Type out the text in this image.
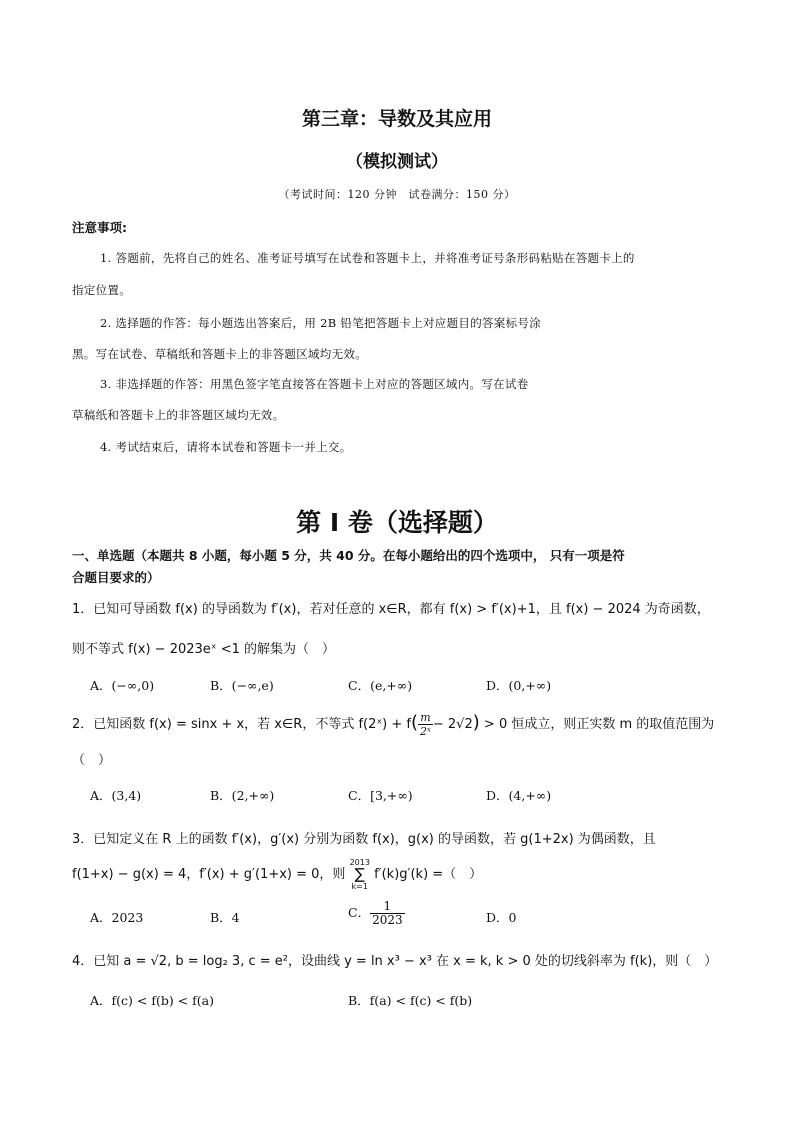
第三章：导数及其应用
（模拟测试）
（考试时间：120 分钟　试卷满分：150 分）
注意事项:
1. 答题前，先将自己的姓名、准考证号填写在试卷和答题卡上，并将准考证号条形码粘贴在答题卡上的
指定位置。
2. 选择题的作答：每小题选出答案后，用 2B 铅笔把答题卡上对应题目的答案标号涂
黑。写在试卷、草稿纸和答题卡上的非答题区域均无效。
3. 非选择题的作答：用黑色签字笔直接答在答题卡上对应的答题区域内。写在试卷
草稿纸和答题卡上的非答题区域均无效。
4. 考试结束后，请将本试卷和答题卡一并上交。
第 I 卷（选择题）
一、单选题（本题共 8 小题，每小题 5 分，共 40 分。在每小题给出的四个选项中， 只有一项是符
合题目要求的）
1．已知可导函数 f(x) 的导函数为 f′(x)，若对任意的 x∈R，都有 f(x) > f′(x)+1，且 f(x) − 2024 为奇函数，
则不等式 f(x) − 2023eˣ <1 的解集为（　）
A．(−∞,0)	B．(−∞,e)	C．(e,+∞)	D．(0,+∞)
2．已知函数 f(x) = sinx + x，若 x∈R，不等式 f(2ˣ) + $f( \frac{m}{\text{2ˣ}} - 2√2) > 0$ 恒成立，则正实数 m 的取值范围为
（　）
A．(3,4)	B．(2,+∞)	C．[3,+∞)	D．(4,+∞)
3．已知定义在 R 上的函数 f′(x)，g′(x) 分别为函数 f(x)，g(x) 的导函数，若 g(1+2x) 为偶函数，且
f(1+x) − g(x) = 4，f′(x) + g′(1+x) = 0，则 2013
∑
k=1 f′(k)g′(k) =（　）
A．2023	B．4	C． $\frac{1}{2023}$	D．0
4．已知 a = √2, b = log₂ 3, c = e²，设曲线 y = ln x³ − x³ 在 x = k, k > 0 处的切线斜率为 f(k)，则（　）
A．f(c) < f(b) < f(a)	B．f(a) < f(c) < f(b)
